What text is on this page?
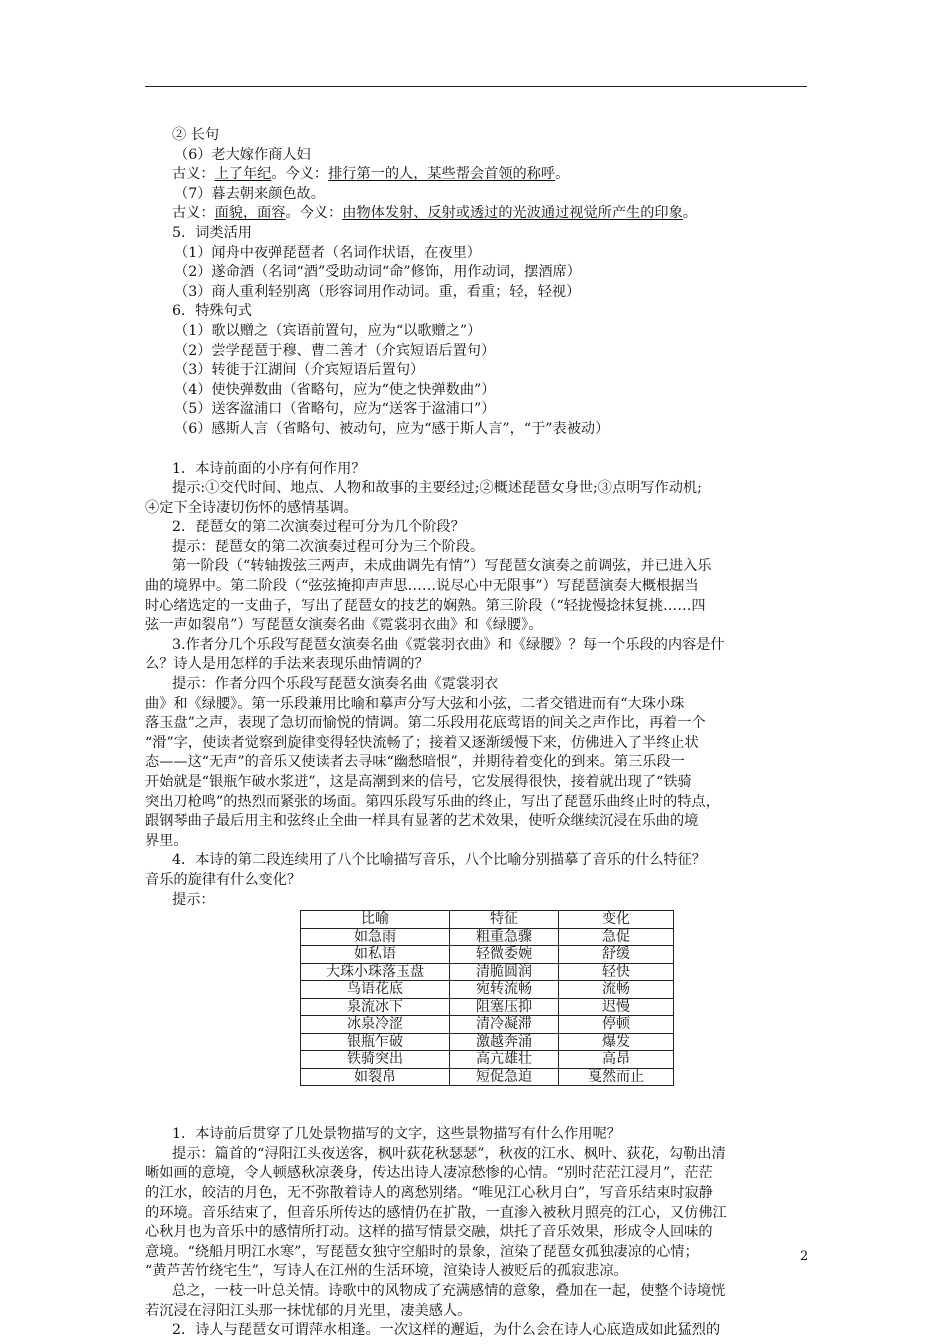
② 长句
（6）老大嫁作商人妇
古义：上了年纪。今义：排行第一的人，某些帮会首领的称呼。
（7）暮去朝来颜色故。
古义：面貌，面容。今义：由物体发射、反射或透过的光波通过视觉所产生的印象。
5．词类活用
（1）闻舟中夜弹琵琶者（名词作状语，在夜里）
（2）遂命酒（名词“酒”受助动词“命”修饰，用作动词，摆酒席）
（3）商人重利轻别离（形容词用作动词。重，看重；轻，轻视）
6．特殊句式
（1）歌以赠之（宾语前置句，应为“以歌赠之”）
（2）尝学琵琶于穆、曹二善才（介宾短语后置句）
（3）转徙于江湖间（介宾短语后置句）
（4）使快弹数曲（省略句，应为“使之快弹数曲”）
（5）送客湓浦口（省略句，应为“送客于湓浦口”）
（6）感斯人言（省略句、被动句，应为“感于斯人言”，“于”表被动）
1．本诗前面的小序有何作用？
提示:①交代时间、地点、人物和故事的主要经过;②概述琵琶女身世;③点明写作动机;
④定下全诗凄切伤怀的感情基调。
2．琵琶女的第二次演奏过程可分为几个阶段？
提示：琵琶女的第二次演奏过程可分为三个阶段。
第一阶段（“转轴拨弦三两声，未成曲调先有情”）写琵琶女演奏之前调弦，并已进入乐
曲的境界中。第二阶段（“弦弦掩抑声声思……说尽心中无限事”）写琵琶演奏大概根据当
时心绪选定的一支曲子，写出了琵琶女的技艺的娴熟。第三阶段（“轻拢慢捻抹复挑……四
弦一声如裂帛”）写琵琶女演奏名曲《霓裳羽衣曲》和《绿腰》。
3.作者分几个乐段写琵琶女演奏名曲《霓裳羽衣曲》和《绿腰》？每一个乐段的内容是什
么？诗人是用怎样的手法来表现乐曲情调的？
提示：作者分四个乐段写琵琶女演奏名曲《霓裳羽衣
曲》和《绿腰》。第一乐段兼用比喻和摹声分写大弦和小弦，二者交错进而有“大珠小珠
落玉盘”之声，表现了急切而愉悦的情调。第二乐段用花底莺语的间关之声作比，再着一个
“滑”字，使读者觉察到旋律变得轻快流畅了；接着又逐渐缓慢下来，仿佛进入了半终止状
态——这“无声”的音乐又使读者去寻味“幽愁暗恨”，并期待着变化的到来。第三乐段一
开始就是“银瓶乍破水浆迸”，这是高潮到来的信号，它发展得很快，接着就出现了“铁骑
突出刀枪鸣”的热烈而紧张的场面。第四乐段写乐曲的终止，写出了琵琶乐曲终止时的特点，
跟钢琴曲子最后用主和弦终止全曲一样具有显著的艺术效果，使听众继续沉浸在乐曲的境
界里。
4．本诗的第二段连续用了八个比喻描写音乐，八个比喻分别描摹了音乐的什么特征？
音乐的旋律有什么变化？
提示：
比喻	特征	变化
如急雨	粗重急骤	急促
如私语	轻微委婉	舒缓
大珠小珠落玉盘	清脆圆润	轻快
鸟语花底	宛转流畅	流畅
泉流冰下	阻塞压抑	迟慢
冰泉冷涩	清冷凝滞	停顿
银瓶乍破	激越奔涌	爆发
铁骑突出	高亢雄壮	高昂
如裂帛	短促急迫	戛然而止
1．本诗前后贯穿了几处景物描写的文字，这些景物描写有什么作用呢？
提示：篇首的“浔阳江头夜送客，枫叶荻花秋瑟瑟”，秋夜的江水、枫叶、荻花，勾勒出清
晰如画的意境，令人顿感秋凉袭身，传达出诗人凄凉愁惨的心情。“别时茫茫江浸月”，茫茫
的江水，皎洁的月色，无不弥散着诗人的离愁别绪。“唯见江心秋月白”，写音乐结束时寂静
的环境。音乐结束了，但音乐所传达的感情仍在扩散，一直渗入被秋月照亮的江心，又仿佛江
心秋月也为音乐中的感情所打动。这样的描写情景交融，烘托了音乐效果，形成令人回味的
意境。“绕船月明江水寒”，写琵琶女独守空船时的景象，渲染了琵琶女孤独凄凉的心情；
“黄芦苦竹绕宅生”，写诗人在江州的生活环境，渲染诗人被贬后的孤寂悲凉。
总之，一枝一叶总关情。诗歌中的风物成了充满感情的意象，叠加在一起，使整个诗境恍
若沉浸在浔阳江头那一抹忧郁的月光里，凄美感人。
2．诗人与琵琶女可谓萍水相逢。一次这样的邂逅，为什么会在诗人心底造成如此猛烈的
2
